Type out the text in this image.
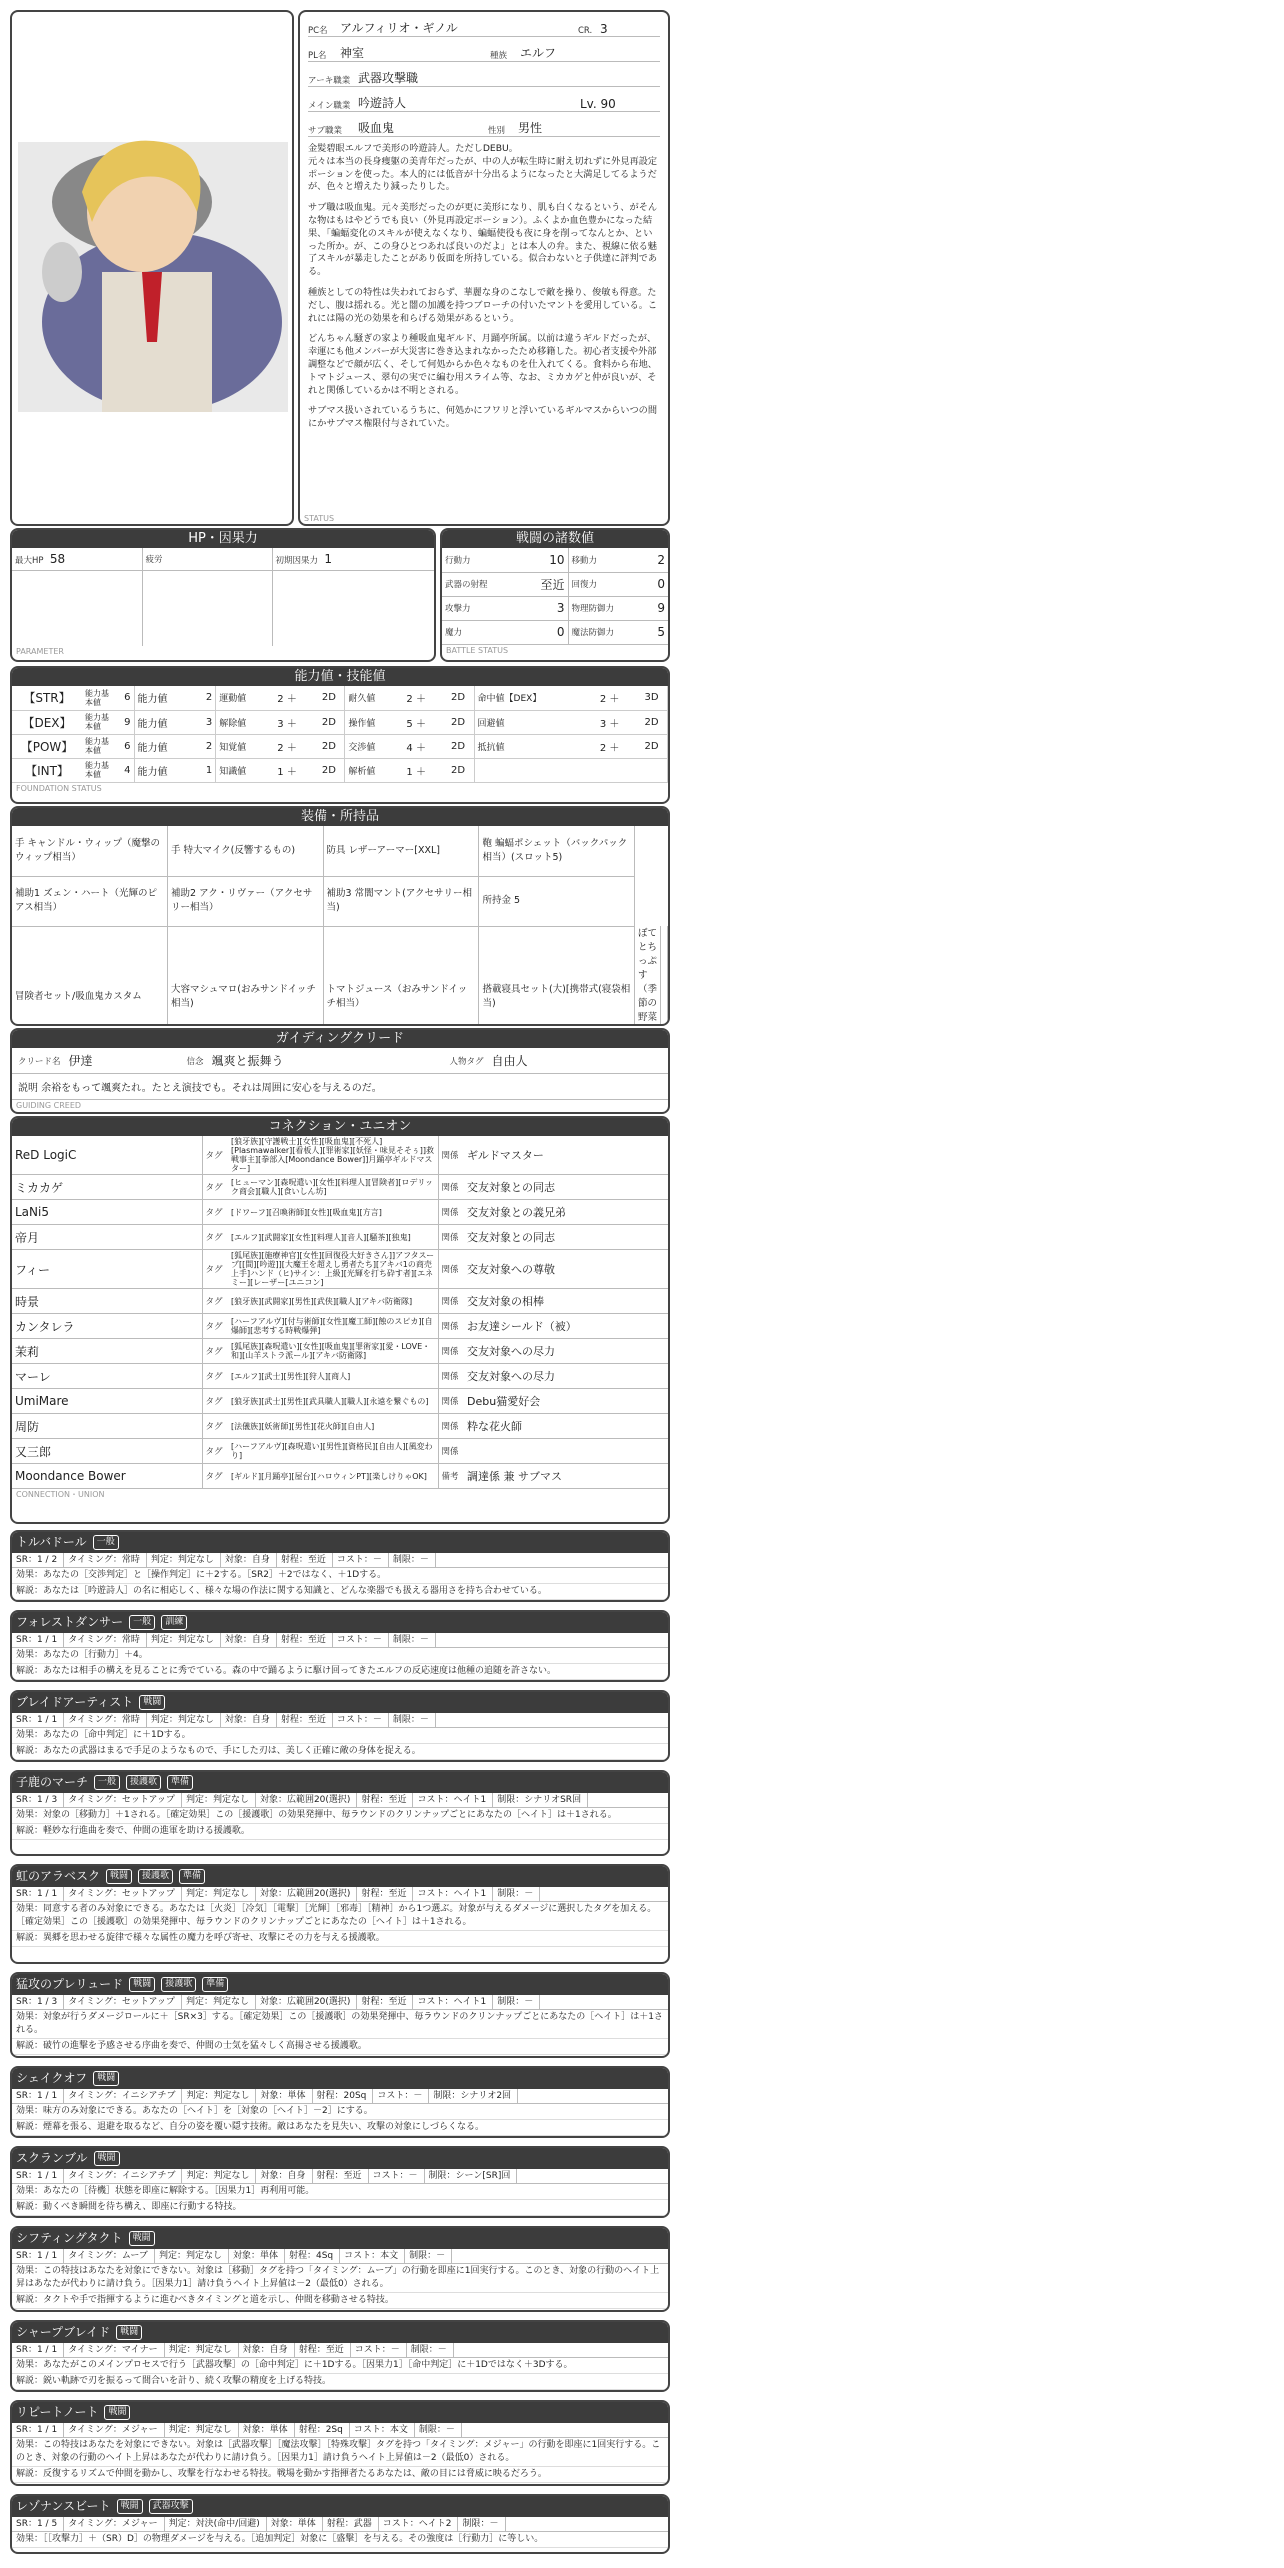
PC名	アルフィリオ・ギノル	CR. 3
PL名	神室	種族	エルフ
アーキ職業 武器攻撃職
メイン職業 吟遊詩人	Lv. 90
サブ職業	吸血鬼	性別	男性

金髪碧眼エルフで美形の吟遊詩人。ただしDEBU。

元々は本当の長身痩躯の美青年だったが、中の人が転生時に耐え切れずに外見再設定ポーションを使った。本人的には低音が十分出るようになったと大満足してるようだが、色々と増えたり減ったりした。

サブ職は吸血鬼。元々美形だったのが更に美形になり、肌も白くなるという、がそんな物はもはやどうでも良い（外見再設定ポーション）。ふくよか血色豊かになった結果、「蝙蝠変化のスキルが使えなくなり、蝙蝠使役も夜に身を削ってなんとか、といった所か。が、この身ひとつあれば良いのだよ」とは本人の弁。また、視線に依る魅了スキルが暴走したことがあり仮面を所持している。似合わないと子供達に評判である。

種族としての特性は失われておらず、華麗な身のこなしで敵を操り、俊敏も得意。ただし、腹は揺れる。光と闇の加護を持つブローチの付いたマントを愛用している。これには陽の光の効果を和らげる効果があるという。

どんちゃん騒ぎの家より種吸血鬼ギルド、月踊亭所属。以前は違うギルドだったが、幸運にも他メンバーが大災害に巻き込まれなかったため移籍した。初心者支援や外部調整などで顔が広く、そして何処からか色々なものを仕入れてくる。食料から布地、トマトジュース、翠句の実でに編む用スライム等、なお、ミカカゲと仲が良いが、それと関係しているかは不明とされる。

サブマス扱いされているうちに、何処かにフワリと浮いているギルマスからいつの間にかサブマス権限付与されていた。

STATUS
HP・因果力
最大HP 58	疲労	初期因果力 1

PARAMETER
戦闘の諸数値
行動力	10	移動力	2
武器の射程	至近	回復力	0
攻撃力	3	物理防御力	9
魔力	0	魔法防御力	5
BATTLE STATUS
能力値・技能値
【STR】	能力基本値	6	能力値	2	運動値	2 ＋	2D	耐久値	2 ＋	2D	命中値【DEX】	2 ＋	3D
【DEX】	能力基本値	9	能力値	3	解除値	3 ＋	2D	操作値	5 ＋	2D	回避値	3 ＋	2D
【POW】	能力基本値	6	能力値	2	知覚値	2 ＋	2D	交渉値	4 ＋	2D	抵抗値	2 ＋	2D
【INT】	能力基本値	4	能力値	1	知識値	1 ＋	2D	解析値	1 ＋	2D			
FOUNDATION STATUS
装備・所持品
手 キャンドル・ウィップ（魔撃のウィップ相当）	手 特大マイク(反響するもの)	防具 レザーアーマー[XXL]	鞄 蝙蝠ポシェット（バックパック相当）(スロット5)		
補助1 ズェン・ハート（光輝のピアス相当）	補助2 アク・リヴァー（アクセサリー相当）	補助3 常闇マント(アクセサリー相当)	所持金 5		
冒険者セット/吸血鬼カスタム	大容マシュマロ(おみサンドイッチ相当)	トマトジュース（おみサンドイッチ相当）	搭載寝具セット(大)[携帯式(寝袋相当)	ぼてとちっぷす（季節の野菜	

ガイディングクリード
クリード名 伊達	信念 颯爽と振舞う	人物タグ 自由人
説明 余裕をもって颯爽たれ。たとえ演技でも。それは周囲に安心を与えるのだ。
GUIDING CREED
コネクション・ユニオン
ReD LogiC	タグ	[狼牙族][守護戦士][女性][吸血鬼][不死人][Plasmawalker][看板人][罪術家][妖怪・味見そそぅ]]救戦事主][拳部入[Moondance Bower]]月踊亭ギルドマスター]	関係	ギルドマスター
ミカカゲ	タグ	[ヒューマン][森呪遣い][女性][料理人][冒険者][ロデリック商会][職人][食いしん坊]	関係	交友対象との同志
LaNi5	タグ	[ドワーフ][召喚術師][女性][吸血鬼][方言]	関係	交友対象との義兄弟
帝月	タグ	[エルフ][武闘家][女性][料理人][音人][騒茶][独鬼]	関係	交友対象との同志
フィー	タグ	[狐尾族][施療神官][女性][回復役大好きさん]]アフタスープ[[間][吟遊]][大魔王を超えし勇者たち][アキバ1の商売上手]ハンド（ヒ)サイン：上級][光輝を打ち砕す者][エネミー][レーザー[ユニコン]	関係	交友対象への尊敬
時景	タグ	[狼牙族][武闘家][男性][武侠][職人][アキバ防衛隊]	関係	交友対象の相棒
カンタレラ	タグ	[ハーフアルヴ][付与術師][女性][魔工師][蝕のスピカ][自爆師][悲考する時戦爆弾]	関係	お友達シールド（被）
茉莉	タグ	[狐尾族][森呪遣い][女性][吸血鬼][罪術家][愛・LOVE・和][山羊ストラ派ール][アキバ防衛隊]	関係	交友対象への尽力
マーレ	タグ	[エルフ][武士][男性][狩人][商人]	関係	交友対象への尽力
UmiMare	タグ	[狼牙族][武士][男性][武具職人][職人][永遠を繋ぐもの]	関係	Debu猫愛好会
周防	タグ	[法儀族][妖術師][男性][花火師][自由人]	関係	粋な花火師
又三郎	タグ	[ハーフアルヴ][森呪遣い][男性][資格民][自由人][風変わり]	関係	
Moondance Bower	タグ	[ギルド][月踊亭][屋台][ハロウィンPT][楽しけりゃOK]	備考	調達係 兼 サブマス
CONNECTION・UNION
トルバドール	一般
SR：1 / 2	タイミング：常時	判定：判定なし	対象：自身	射程：至近	コスト：－	制限：－
効果：あなたの［交渉判定］と［操作判定］に＋2する。［SR2］＋2ではなく、＋1Dする。
解説：あなたは［吟遊詩人］の名に相応しく、様々な場の作法に関する知識と、どんな楽器でも扱える器用さを持ち合わせている。
フォレストダンサー	一般	訓練
SR：1 / 1	タイミング：常時	判定：判定なし	対象：自身	射程：至近	コスト：－	制限：－
効果：あなたの［行動力］＋4。
解説：あなたは相手の構えを見ることに秀でている。森の中で踊るように駆け回ってきたエルフの反応速度は他種の追随を許さない。
ブレイドアーティスト	戦闘
SR：1 / 1	タイミング：常時	判定：判定なし	対象：自身	射程：至近	コスト：－	制限：－
効果：あなたの［命中判定］に＋1Dする。
解説：あなたの武器はまるで手足のようなもので、手にした刃は、美しく正確に敵の身体を捉える。
子鹿のマーチ	一般	援護歌	準備
SR：1 / 3	タイミング：セットアップ	判定：判定なし	対象：広範囲20(選択)	射程：至近	コスト：ヘイト1	制限：シナリオSR回
効果：対象の［移動力］＋1される。［確定効果］この［援護歌］の効果発揮中、毎ラウンドのクリンナップごとにあなたの［ヘイト］は＋1される。
解説：軽妙な行進曲を奏で、仲間の進軍を助ける援護歌。
虹のアラベスク	戦闘	援護歌	準備
SR：1 / 1	タイミング：セットアップ	判定：判定なし	対象：広範囲20(選択)	射程：至近	コスト：ヘイト1	制限：－
効果：同意する者のみ対象にできる。あなたは［火炎］［冷気］［電撃］［光輝］［邪毒］［精神］から1つ選ぶ。対象が与えるダメージに選択したタグを加える。［確定効果］この［援護歌］の効果発揮中、毎ラウンドのクリンナップごとにあなたの［ヘイト］は＋1される。
解説：異郷を思わせる旋律で様々な属性の魔力を呼び寄せ、攻撃にその力を与える援護歌。
猛攻のプレリュード	戦闘	援護歌	準備
SR：1 / 3	タイミング：セットアップ	判定：判定なし	対象：広範囲20(選択)	射程：至近	コスト：ヘイト1	制限：－
効果：対象が行うダメージロールに＋［SR×3］する。［確定効果］この［援護歌］の効果発揮中、毎ラウンドのクリンナップごとにあなたの［ヘイト］は＋1される。
解説：破竹の進撃を予感させる序曲を奏で、仲間の士気を猛々しく高揚させる援護歌。
シェイクオフ	戦闘
SR：1 / 1	タイミング：イニシアチブ	判定：判定なし	対象：単体	射程：20Sq	コスト：－	制限：シナリオ2回
効果：味方のみ対象にできる。あなたの［ヘイト］を［対象の［ヘイト］－2］にする。
解説：煙幕を張る、退避を取るなど、自分の姿を覆い隠す技術。敵はあなたを見失い、攻撃の対象にしづらくなる。
スクランブル	戦闘
SR：1 / 1	タイミング：イニシアチブ	判定：判定なし	対象：自身	射程：至近	コスト：－	制限：シーン[SR]回
効果：あなたの［待機］状態を即座に解除する。［因果力1］再利用可能。
解説：動くべき瞬間を待ち構え、即座に行動する特技。
シフティングタクト	戦闘
SR：1 / 1	タイミング：ムーブ	判定：判定なし	対象：単体	射程：4Sq	コスト：本文	制限：－
効果：この特技はあなたを対象にできない。対象は［移動］タグを持つ「タイミング：ムーブ」の行動を即座に1回実行する。このとき、対象の行動のヘイト上昇はあなたが代わりに請け負う。［因果力1］請け負うヘイト上昇値は－2（最低0）される。
解説：タクトや手で指揮するように進むべきタイミングと道を示し、仲間を移動させる特技。
シャープブレイド	戦闘
SR：1 / 1	タイミング：マイナー	判定：判定なし	対象：自身	射程：至近	コスト：－	制限：－
効果：あなたがこのメインプロセスで行う［武器攻撃］の［命中判定］に＋1Dする。［因果力1］［命中判定］に＋1Dではなく＋3Dする。
解説：鋭い軌跡で刃を振るって間合いを計り、続く攻撃の精度を上げる特技。
リピートノート	戦闘
SR：1 / 1	タイミング：メジャー	判定：判定なし	対象：単体	射程：2Sq	コスト：本文	制限：－
効果：この特技はあなたを対象にできない。対象は［武器攻撃］［魔法攻撃］［特殊攻撃］タグを持つ「タイミング：メジャー」の行動を即座に1回実行する。このとき、対象の行動のヘイト上昇はあなたが代わりに請け負う。［因果力1］請け負うヘイト上昇値は－2（最低0）される。
解説：反復するリズムで仲間を動かし、攻撃を行なわせる特技。戦場を動かす指揮者たるあなたは、敵の目には脅威に映るだろう。
レゾナンスビート	戦闘	武器攻撃
SR：1 / 5	タイミング：メジャー	判定：対決(命中/回避)	対象：単体	射程：武器	コスト：ヘイト2	制限：－
効果：［［攻撃力］＋（SR）D］の物理ダメージを与える。［追加判定］対象に［盛撃］を与える。その強度は［行動力］に等しい。
